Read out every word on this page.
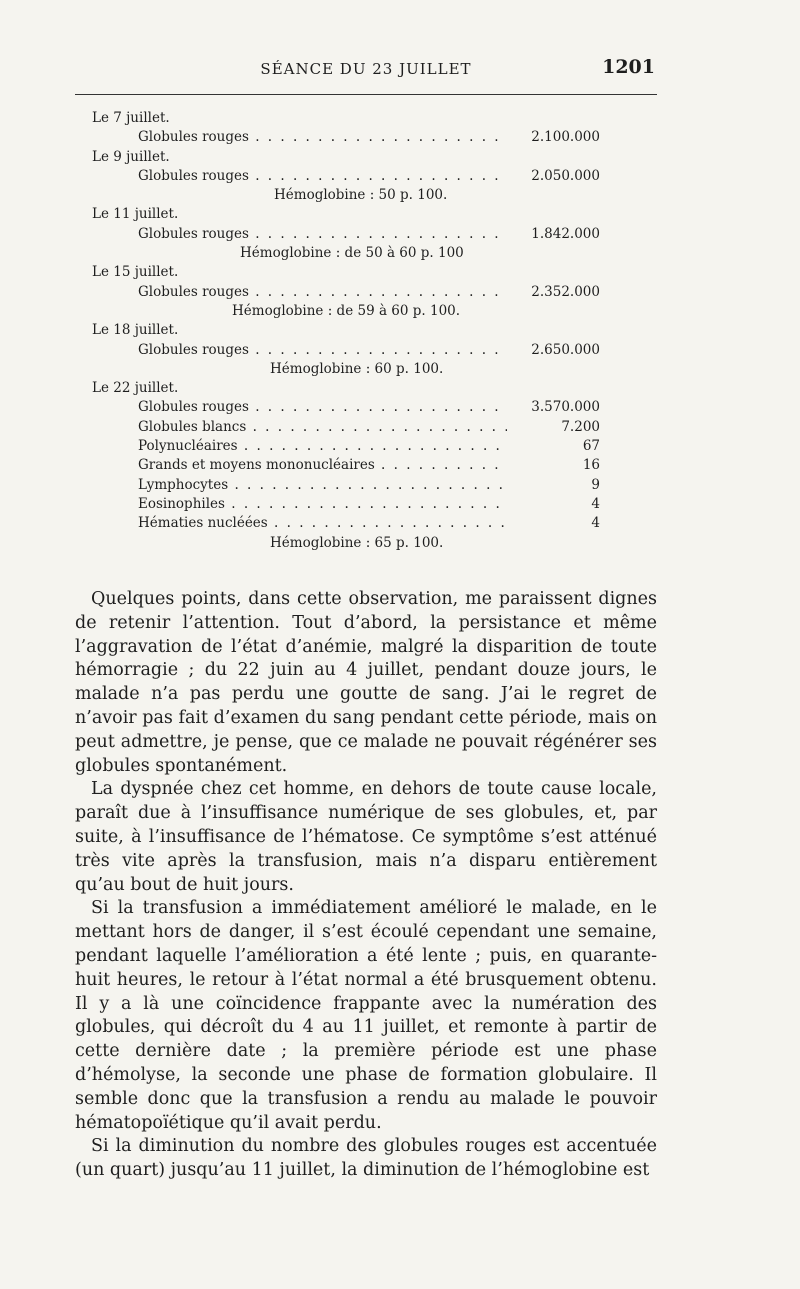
SÉANCE DU 23 JUILLET	1201
Le 7 juillet.
Globules rouges . . .	2.100.000
Le 9 juillet.
Globules rouges . . .	2.050.000
Hémoglobine : 50 p. 100.
Le 11 juillet.
Globules rouges . . .	1.842.000
Hémoglobine : de 50 à 60 p. 100
Le 15 juillet.
Globules rouges . . .	2.352.000
Hémoglobine : de 59 à 60 p. 100.
Le 18 juillet.
Globules rouges . . .	2.650.000
Hémoglobine : 60 p. 100.
Le 22 juillet.
Globules rouges . . .	3.570.000
Globules blancs . . .	7.200
Polynucléaires . . .	67
Grands et moyens mononucléaires . . .	16
Lymphocytes . . .	9
Eosinophiles . . .	4
Hématies nucléées . . .	4
Hémoglobine : 65 p. 100.

Quelques points, dans cette observation, me paraissent dignes de retenir l’attention. Tout d’abord, la persistance et même l’aggravation de l’état d’anémie, malgré la disparition de toute hémorragie ; du 22 juin au 4 juillet, pendant douze jours, le malade n’a pas perdu une goutte de sang. J’ai le regret de n’avoir pas fait d’examen du sang pendant cette période, mais on peut admettre, je pense, que ce malade ne pouvait régénérer ses globules spontanément.

La dyspnée chez cet homme, en dehors de toute cause locale, paraît due à l’insuffisance numérique de ses globules, et, par suite, à l’insuffisance de l’hématose. Ce symptôme s’est atténué très vite après la transfusion, mais n’a disparu entièrement qu’au bout de huit jours.

Si la transfusion a immédiatement amélioré le malade, en le mettant hors de danger, il s’est écoulé cependant une semaine, pendant laquelle l’amélioration a été lente ; puis, en quarante-huit heures, le retour à l’état normal a été brusquement obtenu. Il y a là une coïncidence frappante avec la numération des globules, qui décroît du 4 au 11 juillet, et remonte à partir de cette dernière date ; la première période est une phase d’hémolyse, la seconde une phase de formation globulaire. Il semble donc que la transfusion a rendu au malade le pouvoir hématopoïétique qu’il avait perdu.

Si la diminution du nombre des globules rouges est accentuée (un quart) jusqu’au 11 juillet, la diminution de l’hémoglobine est
